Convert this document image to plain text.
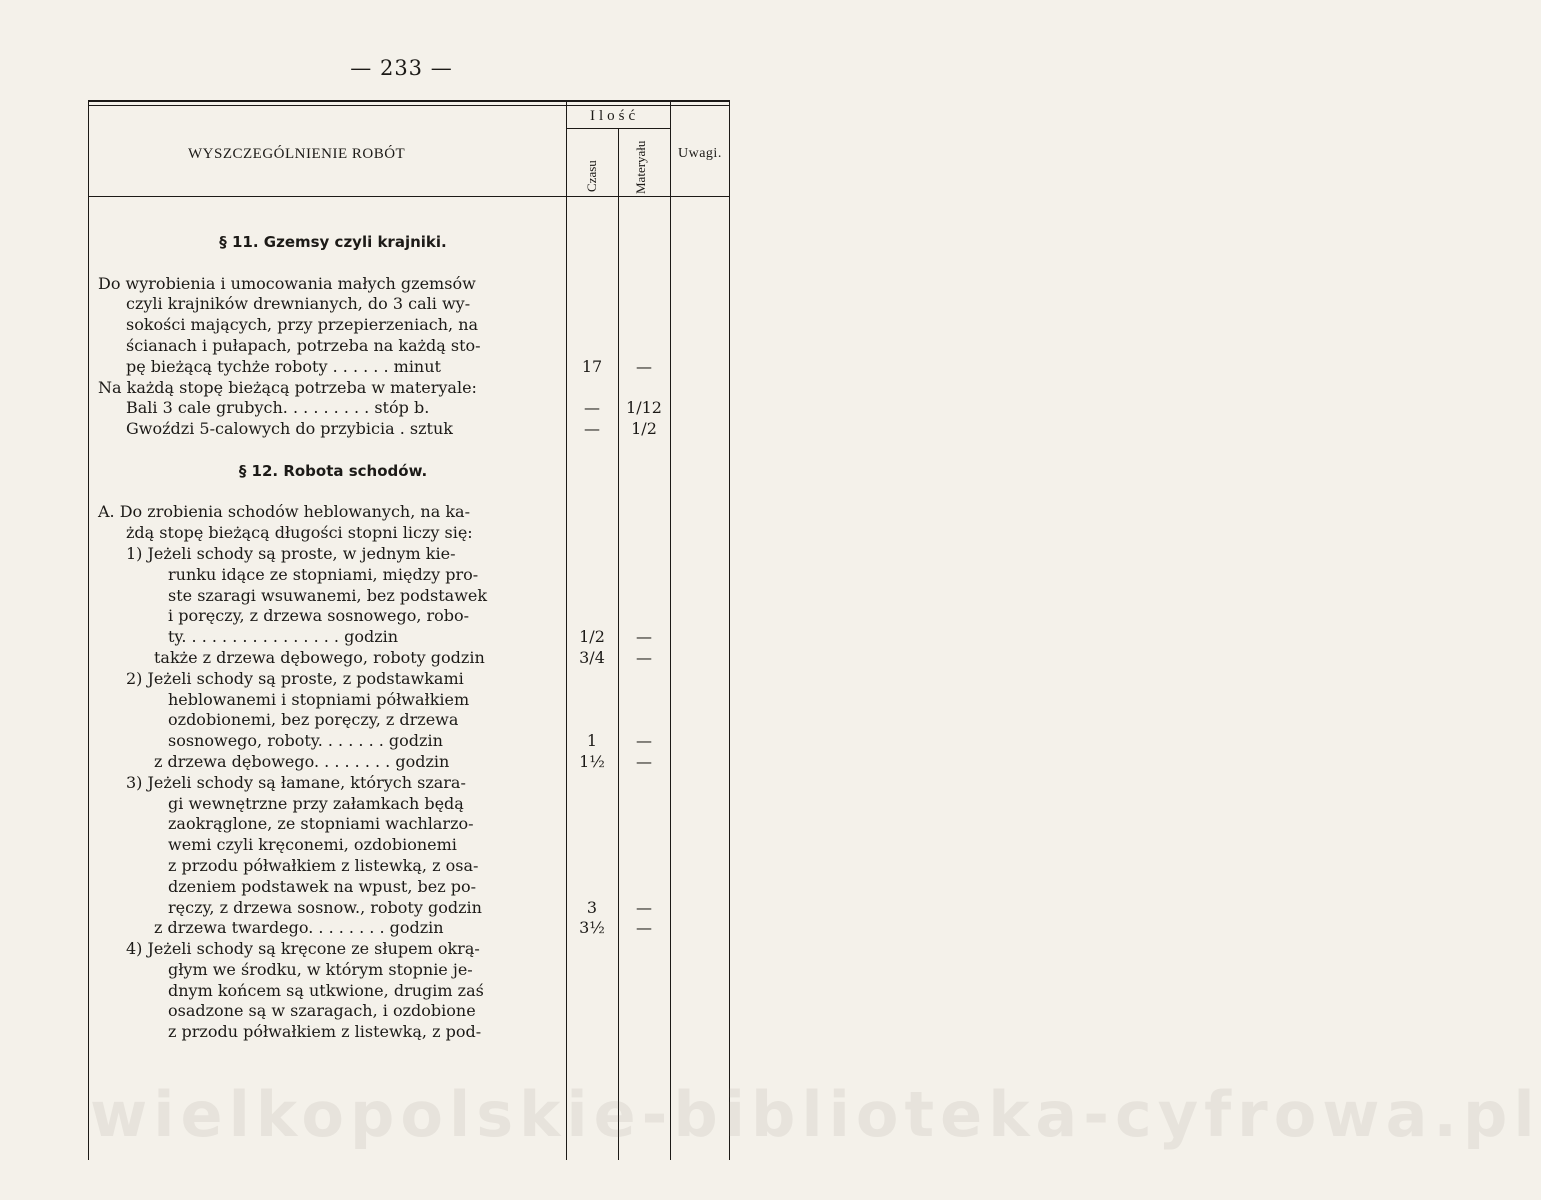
— 233 —
WYSZCZEGÓLNIENIE ROBÓT
Ilość
Czasu	Materyału	Uwagi.
§ 11. Gzemsy czyli krajniki.

Do wyrobienia i umocowania małych gzemsów
czyli krajników drewnianych, do 3 cali wy-
sokości mających, przy przepierzeniach, na
ścianach i pułapach, potrzeba na każdą sto-
pę bieżącą tychże roboty . . . . . . minut
Na każdą stopę bieżącą potrzeba w materyale:
Bali 3 cale grubych. . . . . . . . . stóp b.
Gwoździ 5-calowych do przybicia . sztuk

§ 12. Robota schodów.

A. Do zrobienia schodów heblowanych, na ka-
żdą stopę bieżącą długości stopni liczy się:
1) Jeżeli schody są proste, w jednym kie-
runku idące ze stopniami, między pro-
ste szaragi wsuwanemi, bez podstawek
i poręczy, z drzewa sosnowego, robo-
ty. . . . . . . . . . . . . . . . godzin
także z drzewa dębowego, roboty godzin
2) Jeżeli schody są proste, z podstawkami
heblowanemi i stopniami półwałkiem
ozdobionemi, bez poręczy, z drzewa
sosnowego, roboty. . . . . . . godzin
z drzewa dębowego. . . . . . . . godzin
3) Jeżeli schody są łamane, których szara-
gi wewnętrzne przy załamkach będą
zaokrąglone, ze stopniami wachlarzo-
wemi czyli kręconemi, ozdobionemi
z przodu półwałkiem z listewką, z osa-
dzeniem podstawek na wpust, bez po-
ręczy, z drzewa sosnow., roboty godzin
z drzewa twardego. . . . . . . . godzin
4) Jeżeli schody są kręcone ze słupem okrą-
głym we środku, w którym stopnie je-
dnym końcem są utkwione, drugim zaś
osadzone są w szaragach, i ozdobione
z przodu półwałkiem z listewką, z pod-

17

—
—

1/2
3/4

1
1½

3
3½

—

1/12
1/2

—
—

—
—

—
—

wielkopolskie-biblioteka-cyfrowa.pl
